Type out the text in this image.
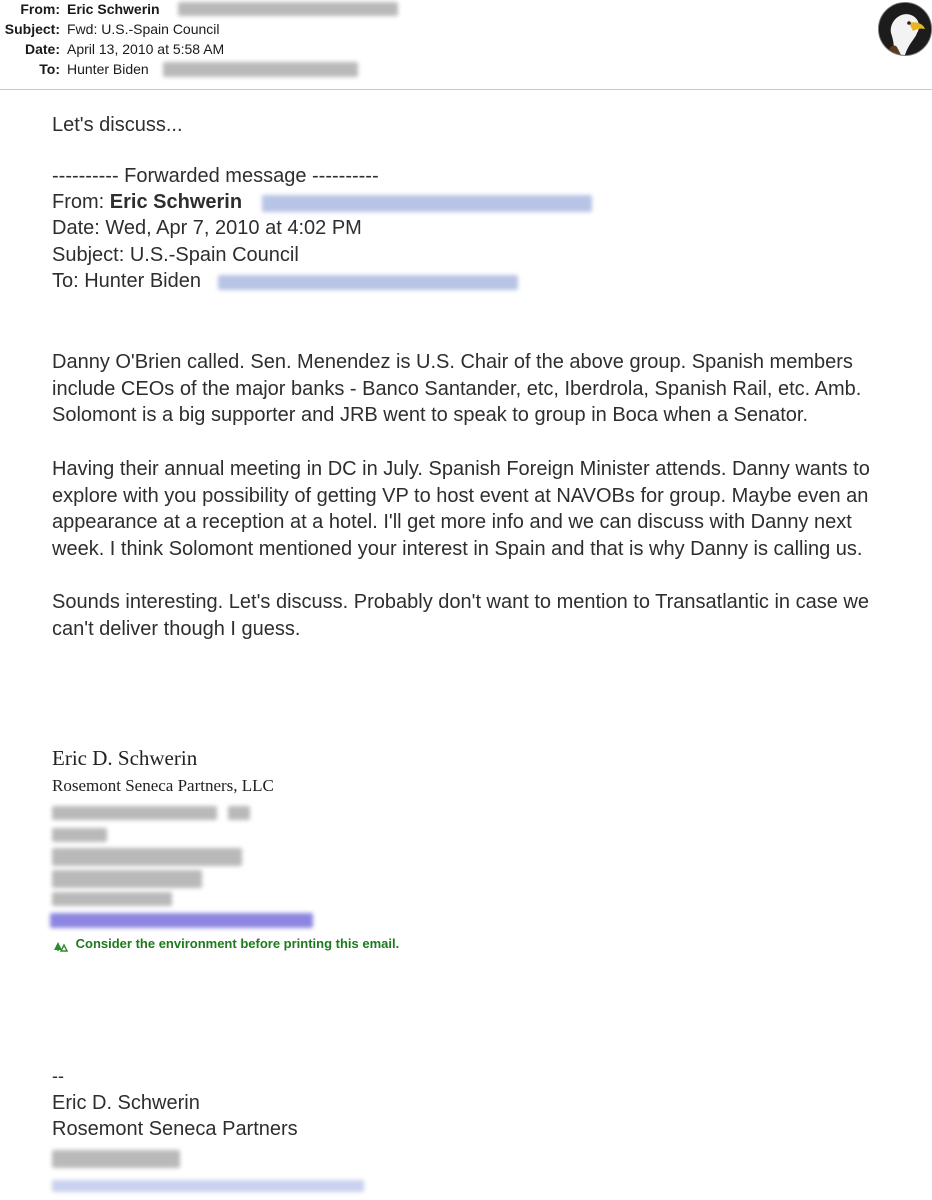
From: Eric Schwerin
Subject: Fwd: U.S.-Spain Council
Date: April 13, 2010 at 5:58 AM
To: Hunter Biden
Let's discuss...
---------- Forwarded message ----------
From: Eric Schwerin
Date: Wed, Apr 7, 2010 at 4:02 PM
Subject: U.S.-Spain Council
To: Hunter Biden
Danny O'Brien called. Sen. Menendez is U.S. Chair of the above group. Spanish members
include CEOs of the major banks - Banco Santander, etc, Iberdrola, Spanish Rail, etc. Amb.
Solomont is a big supporter and JRB went to speak to group in Boca when a Senator.
Having their annual meeting in DC in July. Spanish Foreign Minister attends. Danny wants to
explore with you possibility of getting VP to host event at NAVOBs for group. Maybe even an
appearance at a reception at a hotel. I'll get more info and we can discuss with Danny next
week. I think Solomont mentioned your interest in Spain and that is why Danny is calling us.
Sounds interesting. Let's discuss. Probably don't want to mention to Transatlantic in case we
can't deliver though I guess.
Eric D. Schwerin
Rosemont Seneca Partners, LLC
Consider the environment before printing this email.
--
Eric D. Schwerin
Rosemont Seneca Partners
